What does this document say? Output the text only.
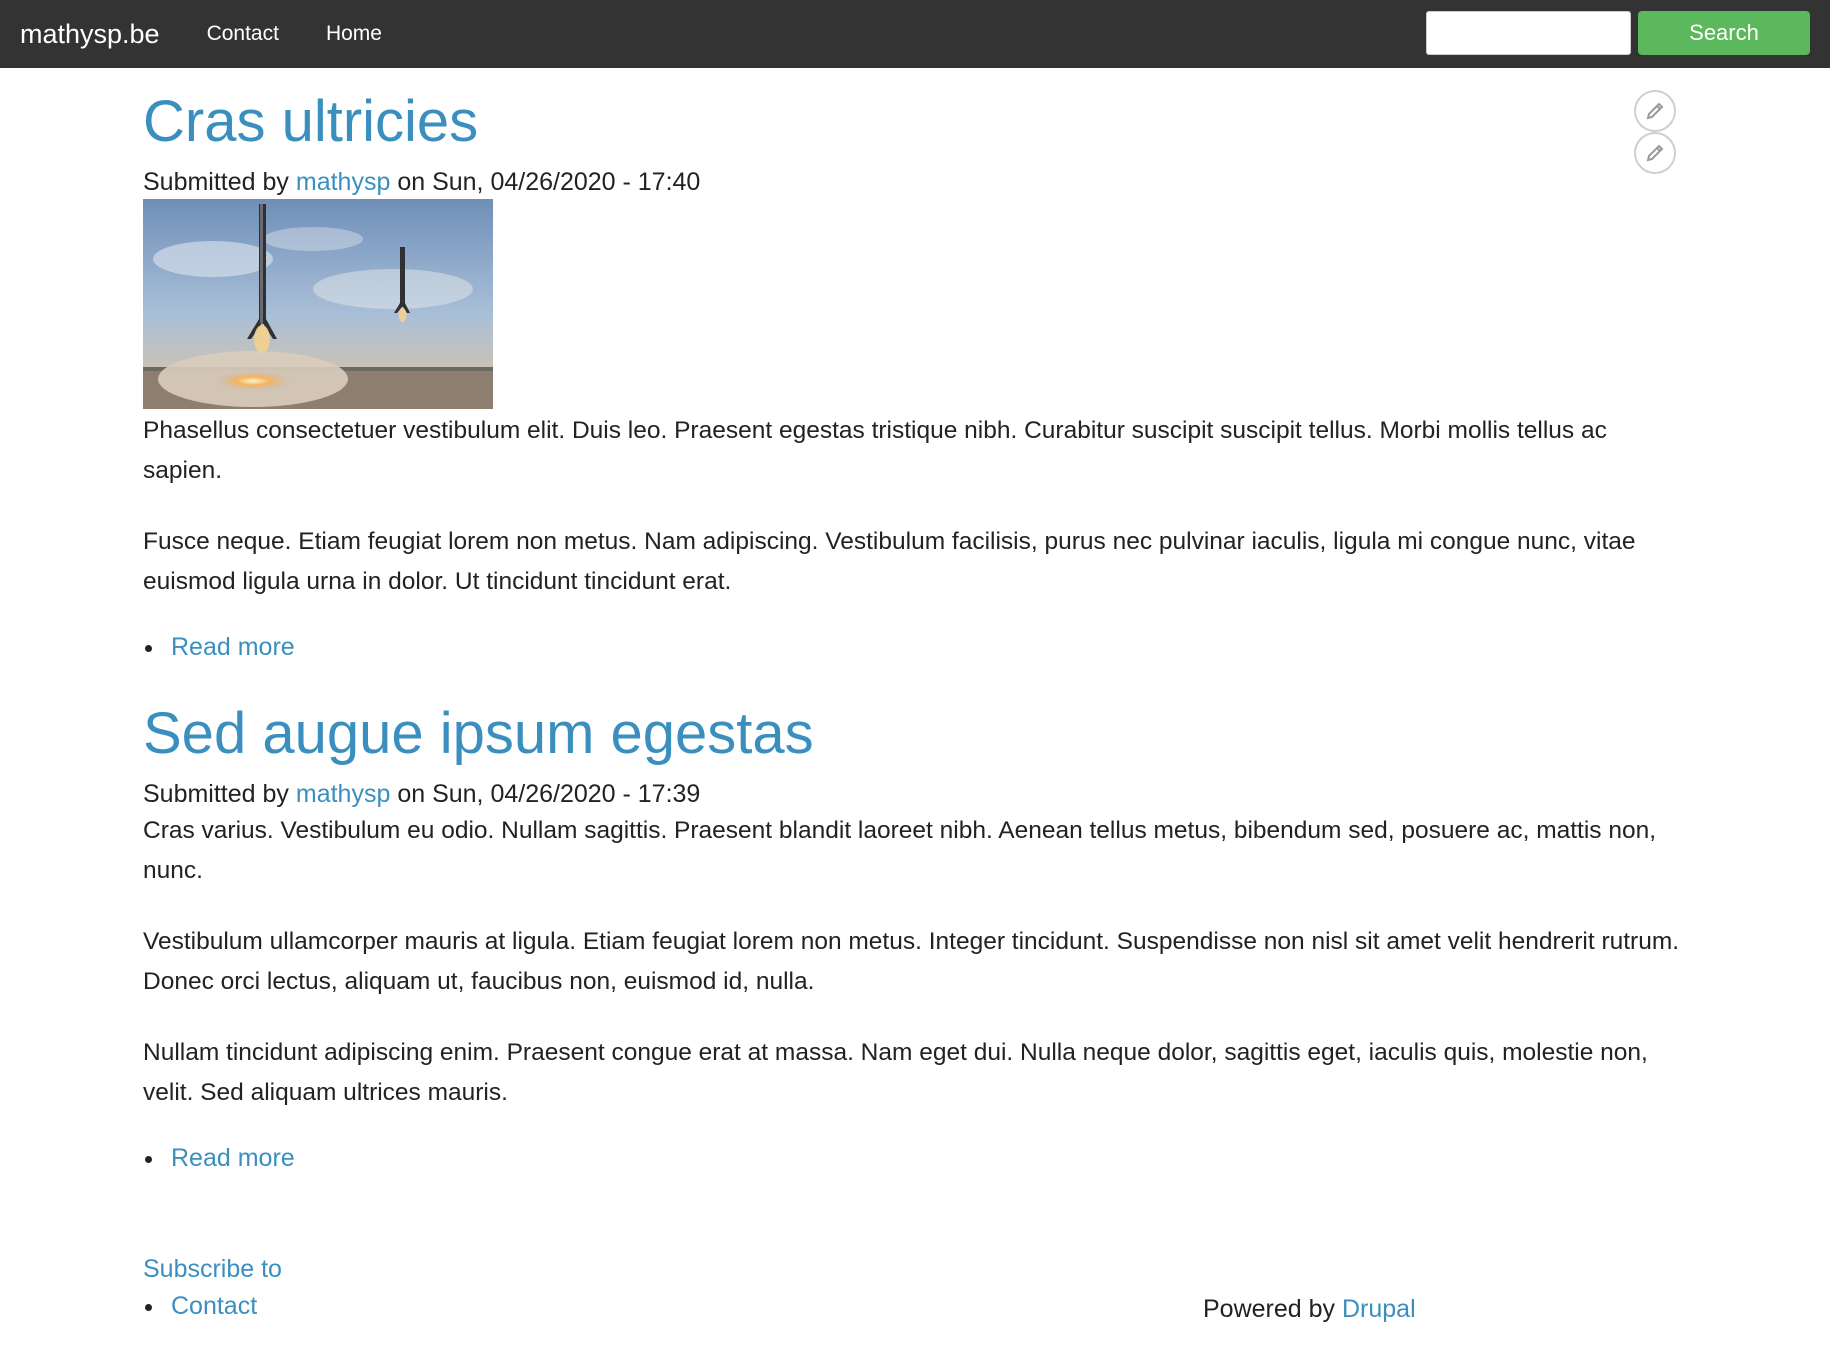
mathysp.be Contact Home	Search
Cras ultricies
Submitted by mathysp on Sun, 04/26/2020 - 17:40

Phasellus consectetuer vestibulum elit. Duis leo. Praesent egestas tristique nibh. Curabitur suscipit suscipit tellus. Morbi mollis tellus ac sapien.

Fusce neque. Etiam feugiat lorem non metus. Nam adipiscing. Vestibulum facilisis, purus nec pulvinar iaculis, ligula mi congue nunc, vitae euismod ligula urna in dolor. Ut tincidunt tincidunt erat.

Read more
Sed augue ipsum egestas
Submitted by mathysp on Sun, 04/26/2020 - 17:39

Cras varius. Vestibulum eu odio. Nullam sagittis. Praesent blandit laoreet nibh. Aenean tellus metus, bibendum sed, posuere ac, mattis non, nunc.

Vestibulum ullamcorper mauris at ligula. Etiam feugiat lorem non metus. Integer tincidunt. Suspendisse non nisl sit amet velit hendrerit rutrum. Donec orci lectus, aliquam ut, faucibus non, euismod id, nulla.

Nullam tincidunt adipiscing enim. Praesent congue erat at massa. Nam eget dui. Nulla neque dolor, sagittis eget, iaculis quis, molestie non, velit. Sed aliquam ultrices mauris.

Read more
Subscribe to
Contact	Powered by Drupal
